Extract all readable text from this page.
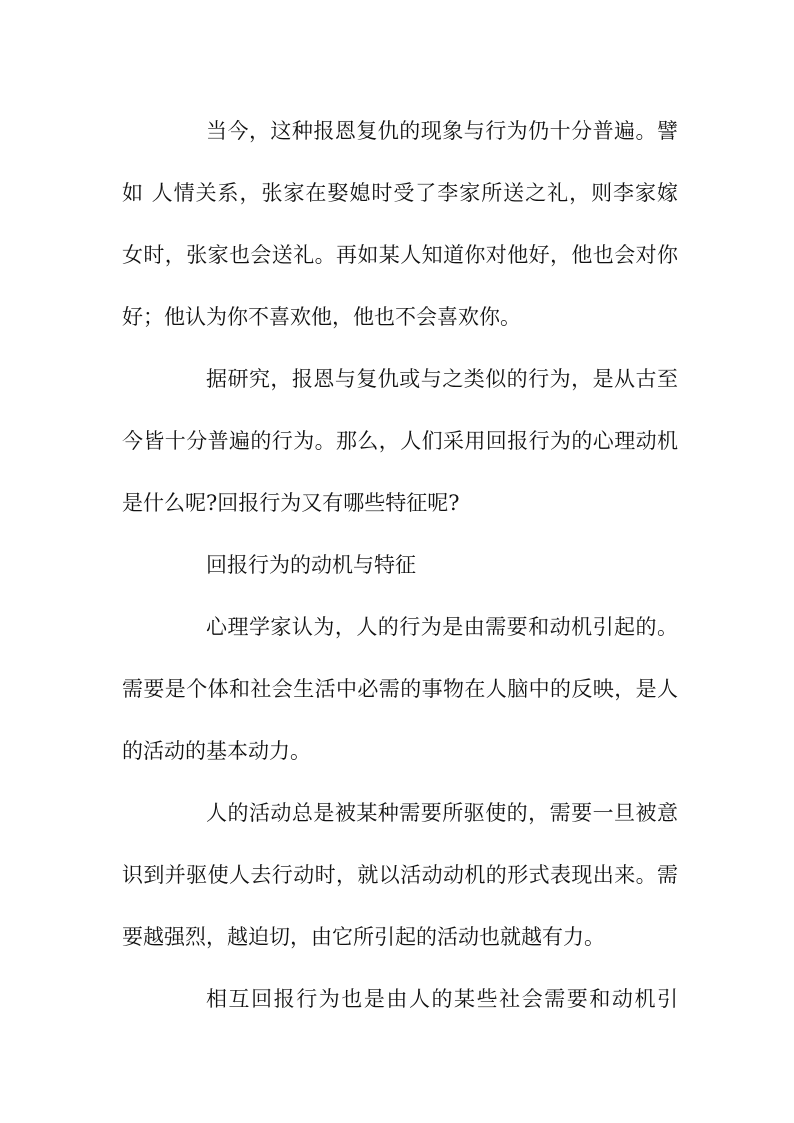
当今，这种报恩复仇的现象与行为仍十分普遍。譬
如 人情关系，张家在娶媳时受了李家所送之礼，则李家嫁
女时，张家也会送礼。再如某人知道你对他好，他也会对你
好；他认为你不喜欢他，他也不会喜欢你。
据研究，报恩与复仇或与之类似的行为，是从古至
今皆十分普遍的行为。那么，人们采用回报行为的心理动机
是什么呢?回报行为又有哪些特征呢?
回报行为的动机与特征
心理学家认为，人的行为是由需要和动机引起的。
需要是个体和社会生活中必需的事物在人脑中的反映，是人
的活动的基本动力。
人的活动总是被某种需要所驱使的，需要一旦被意
识到并驱使人去行动时，就以活动动机的形式表现出来。需
要越强烈，越迫切，由它所引起的活动也就越有力。
相互回报行为也是由人的某些社会需要和动机引
